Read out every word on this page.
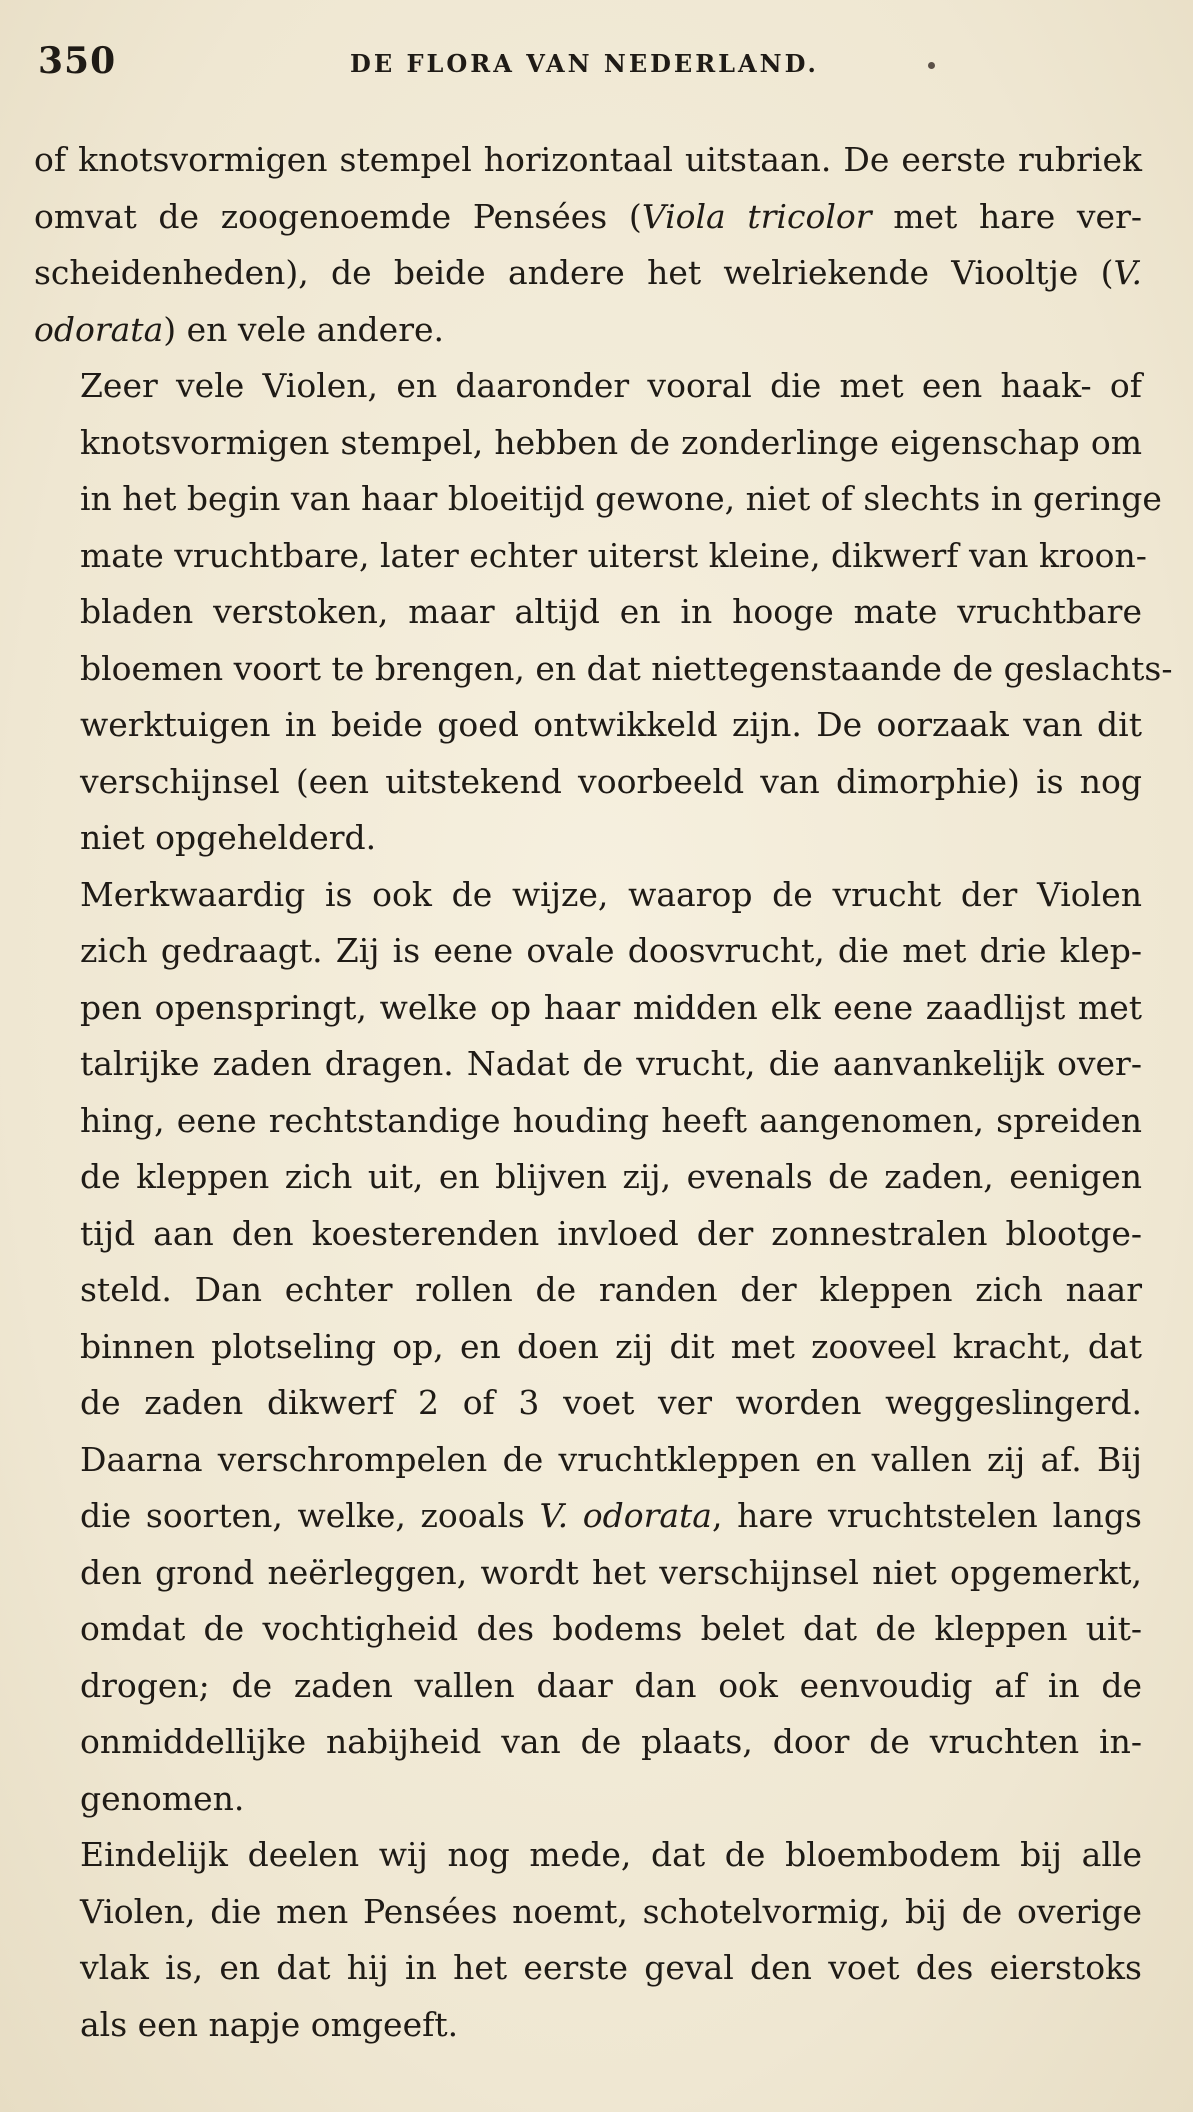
350	DE FLORA VAN NEDERLAND.

of knotsvormigen stempel horizontaal uitstaan. De eerste rubriek
omvat de zoogenoemde Pensées (Viola tricolor met hare ver-
scheidenheden), de beide andere het welriekende Viooltje (V.
odorata) en vele andere.

Zeer vele Violen, en daaronder vooral die met een haak- of
knotsvormigen stempel, hebben de zonderlinge eigenschap om
in het begin van haar bloeitijd gewone, niet of slechts in geringe
mate vruchtbare, later echter uiterst kleine, dikwerf van kroon-
bladen verstoken, maar altijd en in hooge mate vruchtbare
bloemen voort te brengen, en dat niettegenstaande de geslachts-
werktuigen in beide goed ontwikkeld zijn. De oorzaak van dit
verschijnsel (een uitstekend voorbeeld van dimorphie) is nog
niet opgehelderd.

Merkwaardig is ook de wijze, waarop de vrucht der Violen
zich gedraagt. Zij is eene ovale doosvrucht, die met drie klep-
pen openspringt, welke op haar midden elk eene zaadlijst met
talrijke zaden dragen. Nadat de vrucht, die aanvankelijk over-
hing, eene rechtstandige houding heeft aangenomen, spreiden
de kleppen zich uit, en blijven zij, evenals de zaden, eenigen
tijd aan den koesterenden invloed der zonnestralen blootge-
steld. Dan echter rollen de randen der kleppen zich naar
binnen plotseling op, en doen zij dit met zooveel kracht, dat
de zaden dikwerf 2 of 3 voet ver worden weggeslingerd.
Daarna verschrompelen de vruchtkleppen en vallen zij af. Bij
die soorten, welke, zooals V. odorata, hare vruchtstelen langs
den grond neërleggen, wordt het verschijnsel niet opgemerkt,
omdat de vochtigheid des bodems belet dat de kleppen uit-
drogen; de zaden vallen daar dan ook eenvoudig af in de
onmiddellijke nabijheid van de plaats, door de vruchten in-
genomen.

Eindelijk deelen wij nog mede, dat de bloembodem bij alle
Violen, die men Pensées noemt, schotelvormig, bij de overige
vlak is, en dat hij in het eerste geval den voet des eierstoks
als een napje omgeeft.
